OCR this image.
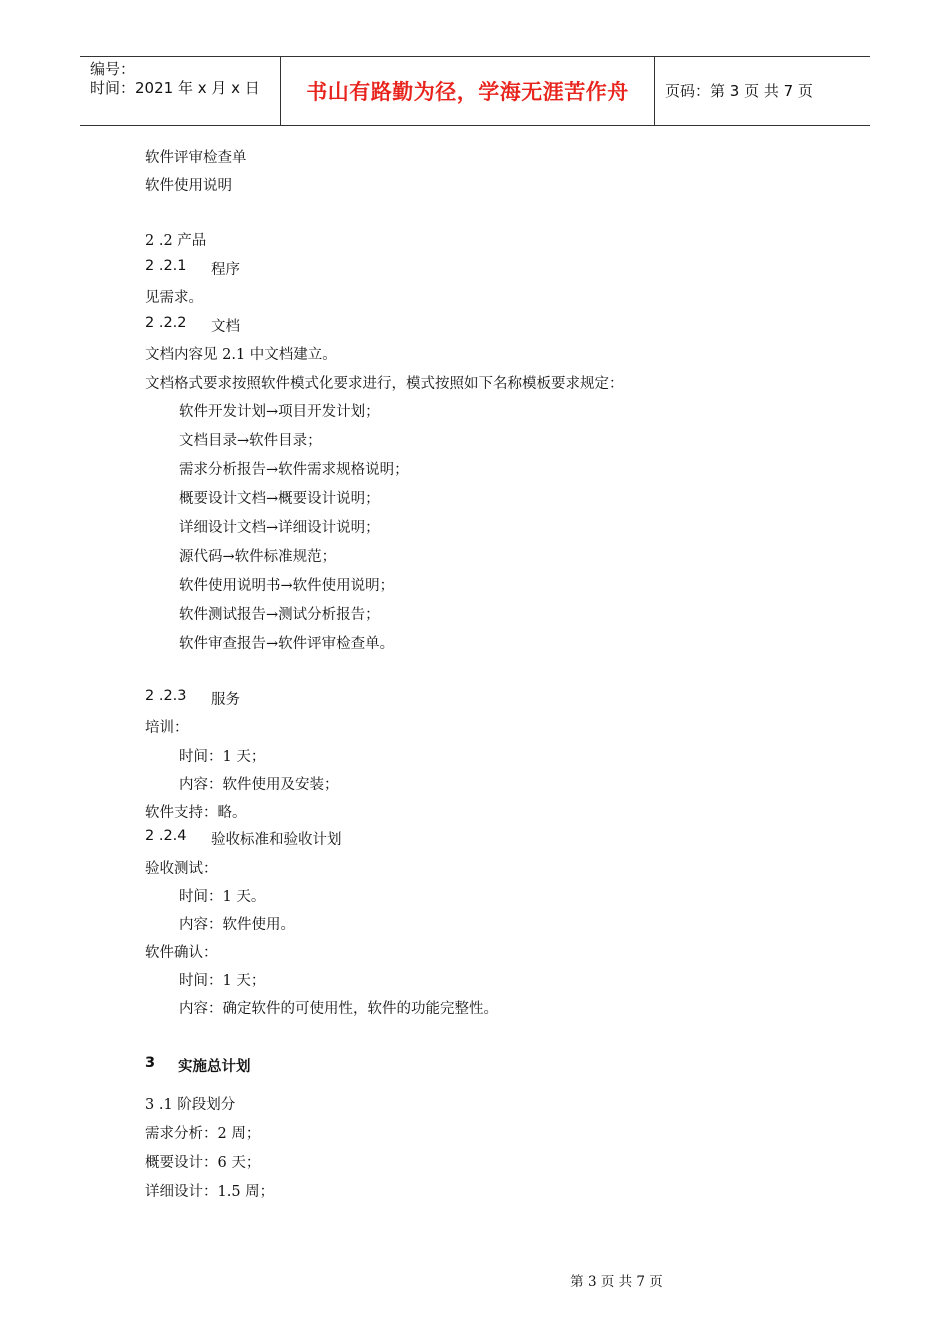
编号：
时间：2021 年 x 月 x 日 书山有路勤为径，学海无涯苦作舟 页码：第 3 页 共 7 页
软件评审检查单
软件使用说明
2 .2 产品
2 .2.1 程序
见需求。
2 .2.2 文档
文档内容见 2.1 中文档建立。
文档格式要求按照软件模式化要求进行，模式按照如下名称模板要求规定：
软件开发计划→项目开发计划；
文档目录→软件目录；
需求分析报告→软件需求规格说明；
概要设计文档→概要设计说明；
详细设计文档→详细设计说明；
源代码→软件标准规范；
软件使用说明书→软件使用说明；
软件测试报告→测试分析报告；
软件审查报告→软件评审检查单。
2 .2.3 服务
培训：
时间：1 天；
内容：软件使用及安装；
软件支持：略。
2 .2.4 验收标准和验收计划
验收测试：
时间：1 天。
内容：软件使用。
软件确认：
时间：1 天；
内容：确定软件的可使用性，软件的功能完整性。
3 实施总计划
3 .1 阶段划分
需求分析：2 周；
概要设计：6 天；
详细设计：1.5 周；
第 3 页 共 7 页
